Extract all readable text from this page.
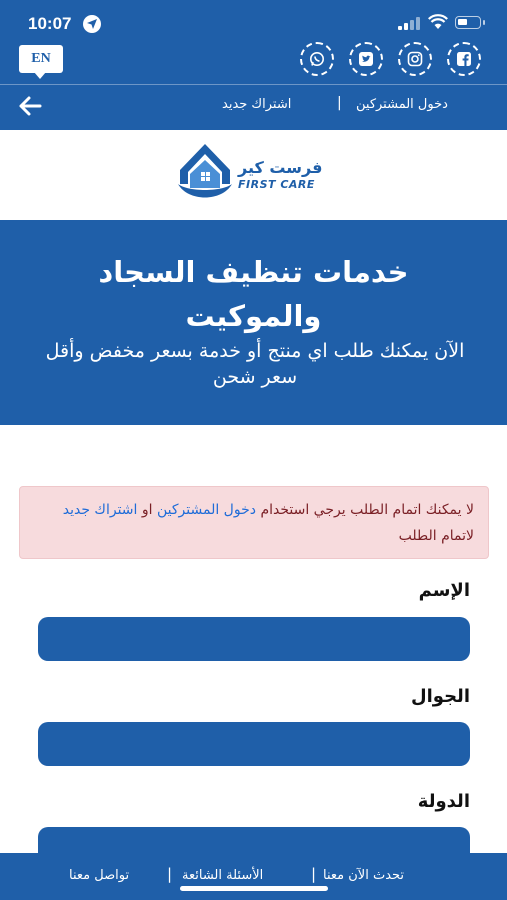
10:07
EN
اشتراك جديد	| دخول المشتركين
فرست كير
FIRST CARE
خدمات تنظيف السجاد والموكيت
الآن يمكنك طلب اي منتج أو خدمة بسعر مخفض وأقل سعر شحن
لا يمكنك اتمام الطلب يرجي استخدام دخول المشتركين او اشتراك جديد لاتمام الطلب
الإسم
الجوال
الدولة
تواصل معنا	| الأسئلة الشائعة	| تحدث الآن معنا
